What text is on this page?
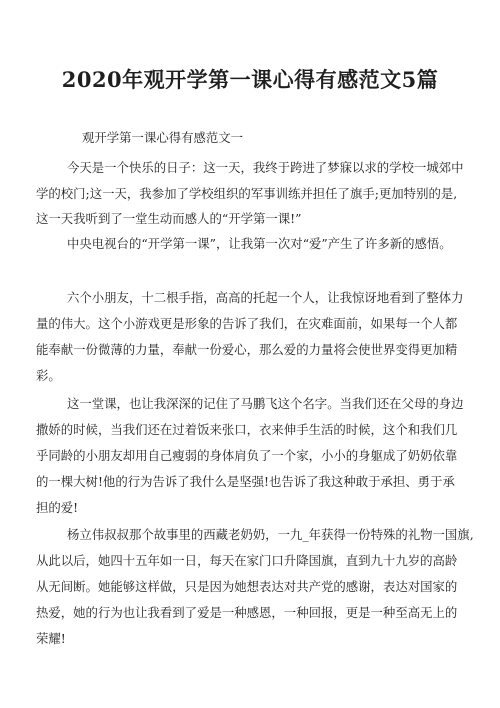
2020年观开学第一课心得有感范文5篇
观开学第一课心得有感范文一
今天是一个快乐的日子：这一天，我终于跨进了梦寐以求的学校一城郊中
学的校门;这一天，我参加了学校组织的军事训练并担任了旗手;更加特别的是,
这一天我听到了一堂生动而感人的“开学第一课!”
中央电视台的“开学第一课”，让我第一次对“爱”产生了许多新的感悟。
六个小朋友，十二根手指，高高的托起一个人，让我惊讶地看到了整体力
量的伟大。这个小游戏更是形象的告诉了我们，在灾难面前，如果每一个人都
能奉献一份微薄的力量，奉献一份爱心，那么爱的力量将会使世界变得更加精
彩。
这一堂课，也让我深深的记住了马鹏飞这个名字。当我们还在父母的身边
撒娇的时候，当我们还在过着饭来张口，衣来伸手生活的时候，这个和我们几
乎同龄的小朋友却用自己瘦弱的身体肩负了一个家，小小的身躯成了奶奶依靠
的一棵大树!他的行为告诉了我什么是坚强!也告诉了我这种敢于承担、勇于承
担的爱!
杨立伟叔叔那个故事里的西藏老奶奶，一九_年获得一份特殊的礼物一国旗,
从此以后，她四十五年如一日，每天在家门口升降国旗，直到九十九岁的高龄
从无间断。她能够这样做，只是因为她想表达对共产党的感谢，表达对国家的
热爱，她的行为也让我看到了爱是一种感恩，一种回报，更是一种至高无上的
荣耀!
